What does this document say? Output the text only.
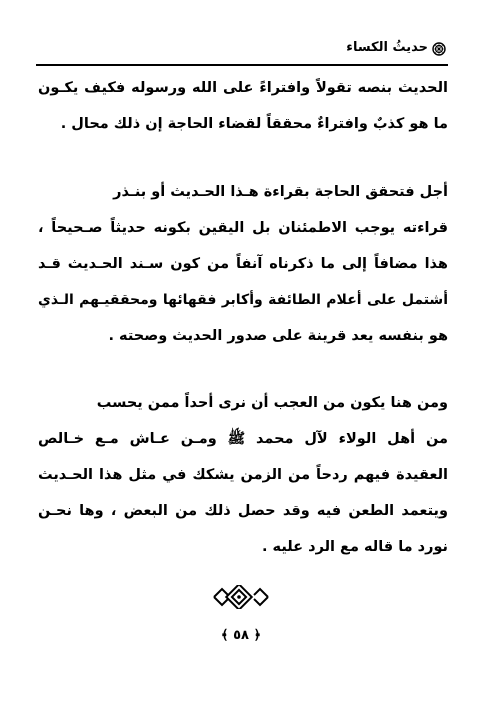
حديثُ الكساء

الحديث بنصه تقولاً وافتراءً على الله ورسوله فكيف يكـون

ما هو كذبٌ وافتراءٌ محققاً لقضاء الحاجة إن ذلك محال .

أجل فتحقق الحاجة بقراءة هـذا الحـديث أو بنـذر

قراءته يوجب الاطمئنان بل اليقين بكونه حديثاً صـحيحاً ،

هذا مضافاً إلى ما ذكرناه آنفاً من كون سـند الحـديث قـد

أشتمل على أعلام الطائفة وأكابر فقهائها ومحققيـهم الـذي

هو بنفسه يعد قرينة على صدور الحديث وصحته .

ومن هنا يكون من العجب أن نرى أحداً ممن يحسب

من أهل الولاء لآل محمد ﷺ ومـن عـاش مـع خـالص

العقيدة فيهم ردحاً من الزمن يشكك في مثل هذا الحـديث

ويتعمد الطعن فيه وقد حصل ذلك من البعض ، وها نحـن

نورد ما قاله مع الرد عليه .

﴿ ٥٨ ﴾
